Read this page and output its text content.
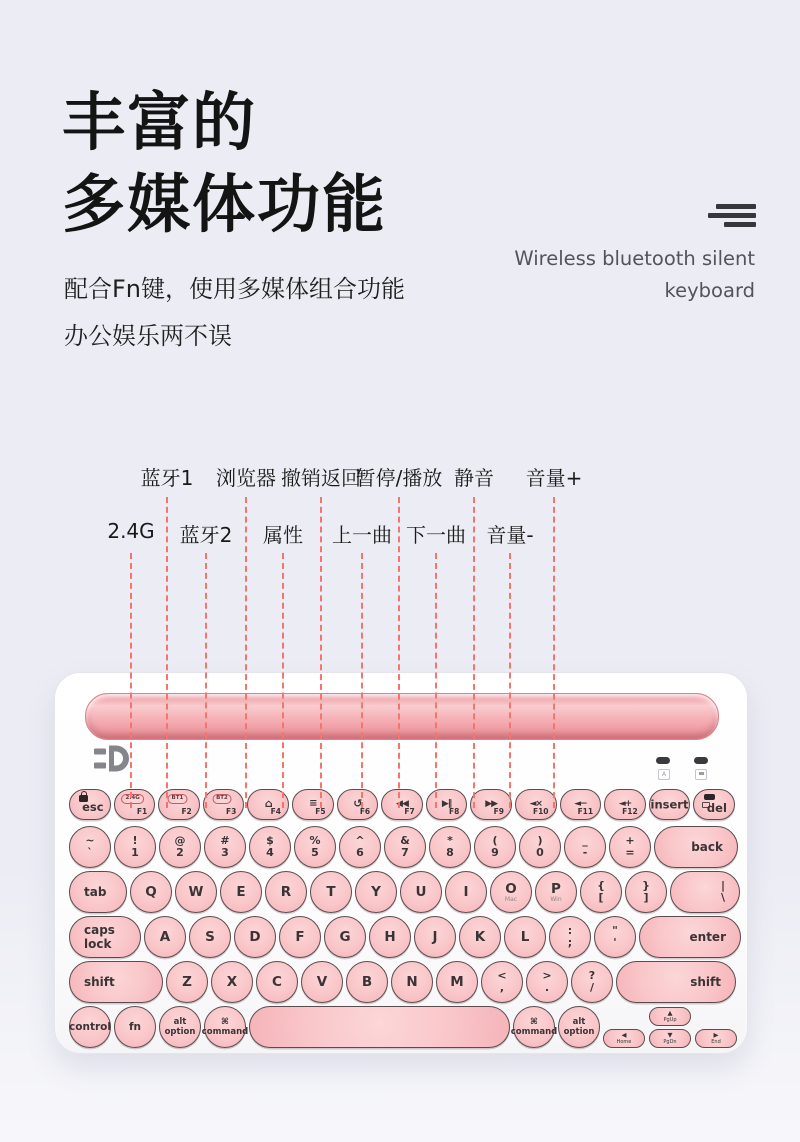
丰富的
多媒体功能
配合Fn键，使用多媒体组合功能
办公娱乐两不误
Wireless bluetooth silent
keyboard
蓝牙1 浏览器 撤销返回
暂停/播放 静音 音量+
2.4G 蓝牙2 属性 上一曲 下一曲 音量-
A
esc
2.4G
F1
BT1
F2
BT2
F3
⌂
F4
≡
F5
↺
F6
◀◀
F7
▶‖
F8
▶▶
F9
◄×
F10
◄−
F11
◄+
F12
insert del
~
`
!
1
@
2
#
3
$
4
%
5
^
6
&
7
*
8
(
9
)
0
_
-
+
=	back
tab	Q W E	R	T	Y	U	I	O
Mac
P
Win
{
[
}
]
|
\
caps lock	A	S	D	F	G	H	J	K	L	:
;
"
'	enter
shift	Z	X	C	V	B	N M	<
,
>
.
?
/	shift
control fn	alt
option
⌘
command
⌘
command
alt
option
▲
PgUp
◀
Home
▼
PgDn
▶
End
